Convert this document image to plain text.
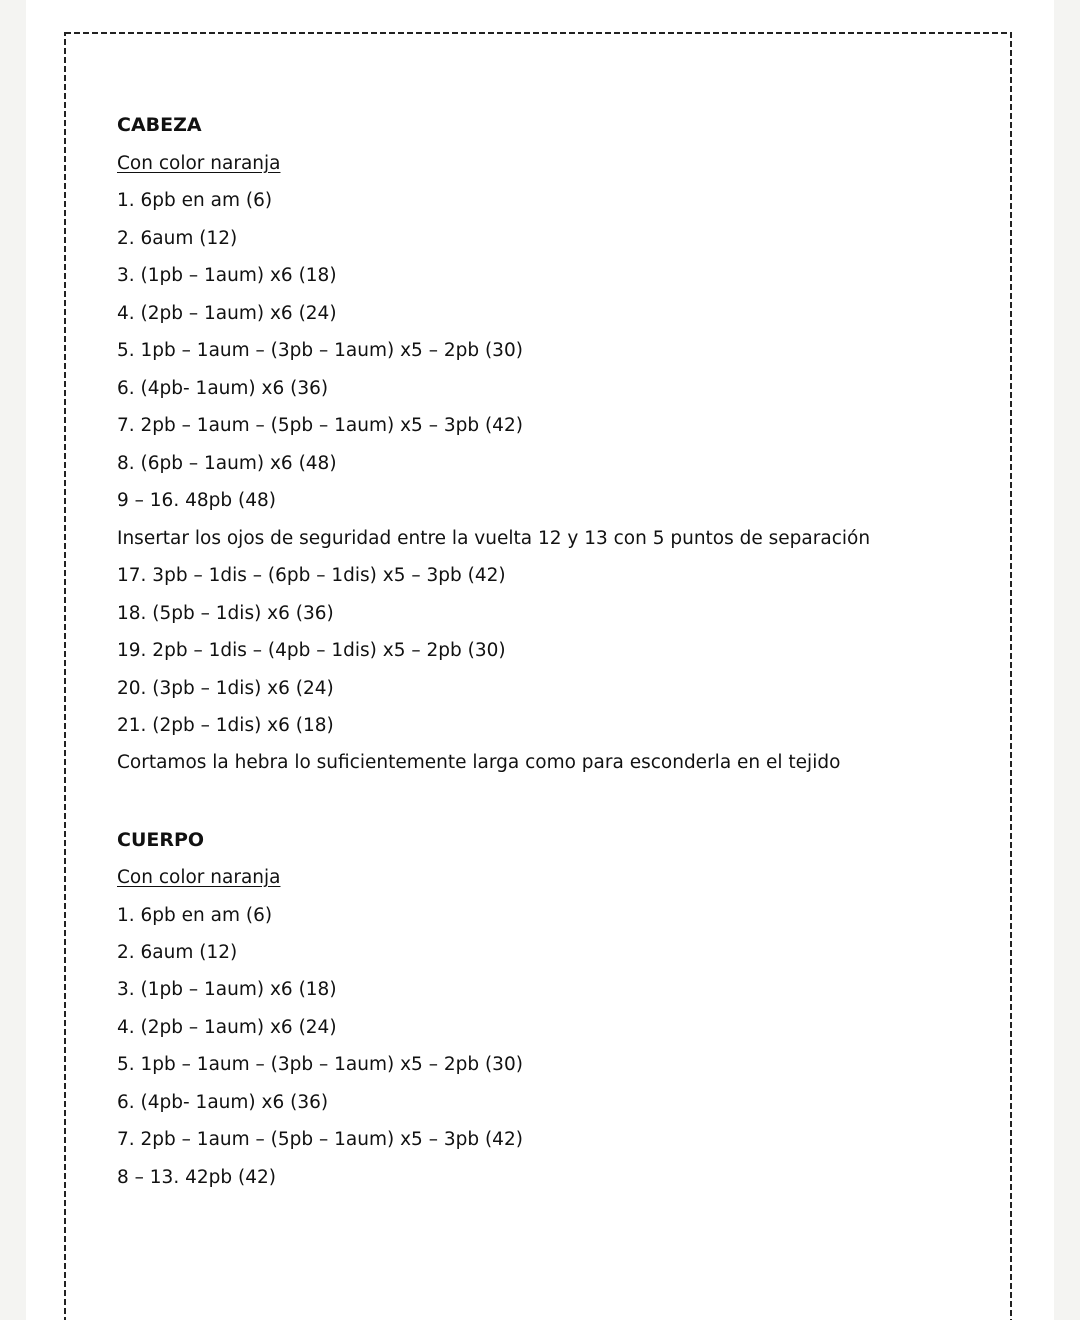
CABEZA
Con color naranja
1. 6pb en am (6)
2. 6aum (12)
3. (1pb – 1aum) x6 (18)
4. (2pb – 1aum) x6 (24)
5. 1pb – 1aum – (3pb – 1aum) x5 – 2pb (30)
6. (4pb- 1aum) x6 (36)
7. 2pb – 1aum – (5pb – 1aum) x5 – 3pb (42)
8. (6pb – 1aum) x6 (48)
9 – 16. 48pb (48)
Insertar los ojos de seguridad entre la vuelta 12 y 13 con 5 puntos de separación
17. 3pb – 1dis – (6pb – 1dis) x5 – 3pb (42)
18. (5pb – 1dis) x6 (36)
19. 2pb – 1dis – (4pb – 1dis) x5 – 2pb (30)
20. (3pb – 1dis) x6 (24)
21. (2pb – 1dis) x6 (18)
Cortamos la hebra lo suficientemente larga como para esconderla en el tejido
CUERPO
Con color naranja
1. 6pb en am (6)
2. 6aum (12)
3. (1pb – 1aum) x6 (18)
4. (2pb – 1aum) x6 (24)
5. 1pb – 1aum – (3pb – 1aum) x5 – 2pb (30)
6. (4pb- 1aum) x6 (36)
7. 2pb – 1aum – (5pb – 1aum) x5 – 3pb (42)
8 – 13. 42pb (42)
